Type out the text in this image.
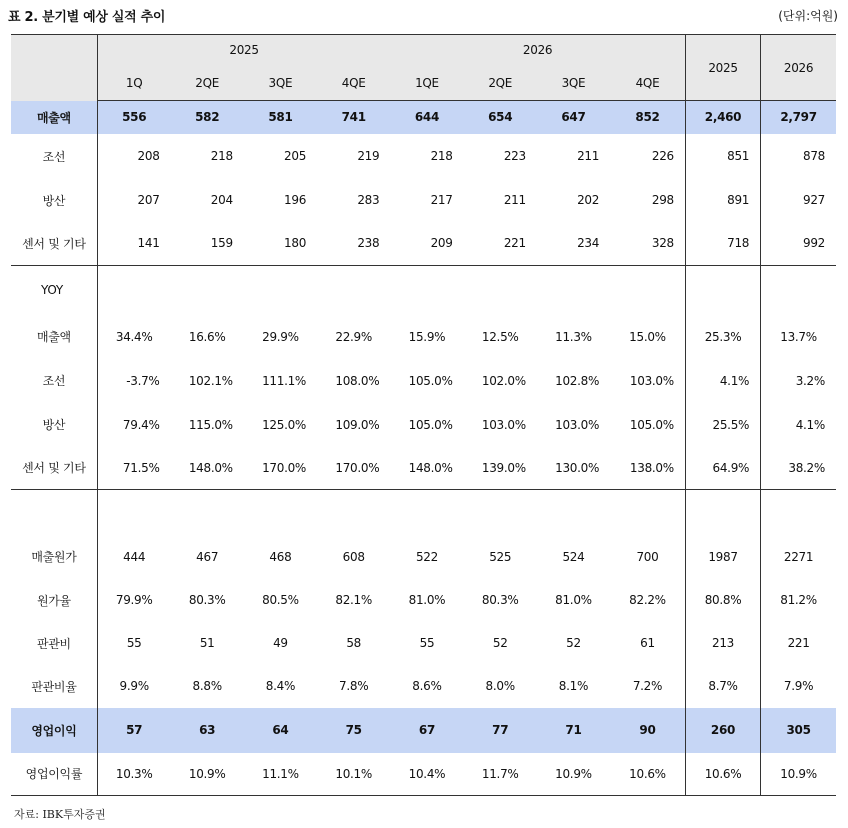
표 2. 분기별 예상 실적 추이	(단위:억원)
	2025				2026				2025	2026
	1Q	2QE	3QE	4QE	1QE	2QE	3QE	4QE		
매출액	556	582	581	741	644	654	647	852	2,460	2,797
조선	208	218	205	219	218	223	211	226	851	878
방산	207	204	196	283	217	211	202	298	891	927
센서 및 기타	141	159	180	238	209	221	234	328	718	992
YOY										
매출액	34.4%	16.6%	29.9%	22.9%	15.9%	12.5%	11.3%	15.0%	25.3%	13.7%
조선	-3.7%	102.1%	111.1%	108.0%	105.0%	102.0%	102.8%	103.0%	4.1%	3.2%
방산	79.4%	115.0%	125.0%	109.0%	105.0%	103.0%	103.0%	105.0%	25.5%	4.1%
센서 및 기타	71.5%	148.0%	170.0%	170.0%	148.0%	139.0%	130.0%	138.0%	64.9%	38.2%

매출원가	444	467	468	608	522	525	524	700	1987	2271
원가율	79.9%	80.3%	80.5%	82.1%	81.0%	80.3%	81.0%	82.2%	80.8%	81.2%
판관비	55	51	49	58	55	52	52	61	213	221
판관비율	9.9%	8.8%	8.4%	7.8%	8.6%	8.0%	8.1%	7.2%	8.7%	7.9%
영업이익	57	63	64	75	67	77	71	90	260	305
영업이익률	10.3%	10.9%	11.1%	10.1%	10.4%	11.7%	10.9%	10.6%	10.6%	10.9%
자료: IBK투자증권
